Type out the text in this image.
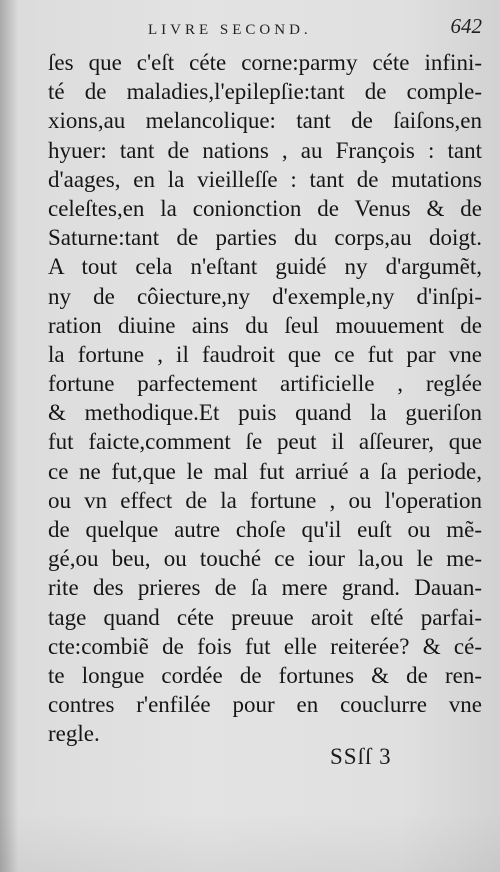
LIVRE SECOND.	642
ſes que c'eſt céte corne:parmy céte infini-
té de maladies,l'epilepſie:tant de comple-
xions,au melancolique: tant de ſaiſons,en
hyuer: tant de nations , au François : tant
d'aages, en la vieilleſſe : tant de mutations
celeſtes,en la conionction de Venus & de
Saturne:tant de parties du corps,au doigt.
A tout cela n'eſtant guidé ny d'argumẽt,
ny de côiecture,ny d'exemple,ny d'inſpi-
ration diuine ains du ſeul mouuement de
la fortune , il faudroit que ce fut par vne
fortune parfectement artificielle , reglée
& methodique.Et puis quand la gueriſon
fut faicte,comment ſe peut il aſſeurer, que
ce ne fut,que le mal fut arriué a ſa periode,
ou vn effect de la fortune , ou l'operation
de quelque autre choſe qu'il euſt ou mẽ-
gé,ou beu, ou touché ce iour la,ou le me-
rite des prieres de ſa mere grand. Dauan-
tage quand céte preuue aroit eſté parfai-
cte:combiẽ de fois fut elle reiterée? & cé-
te longue cordée de fortunes & de ren-
contres r'enfilée pour en couclurre vne
regle.
SSſſ 3
